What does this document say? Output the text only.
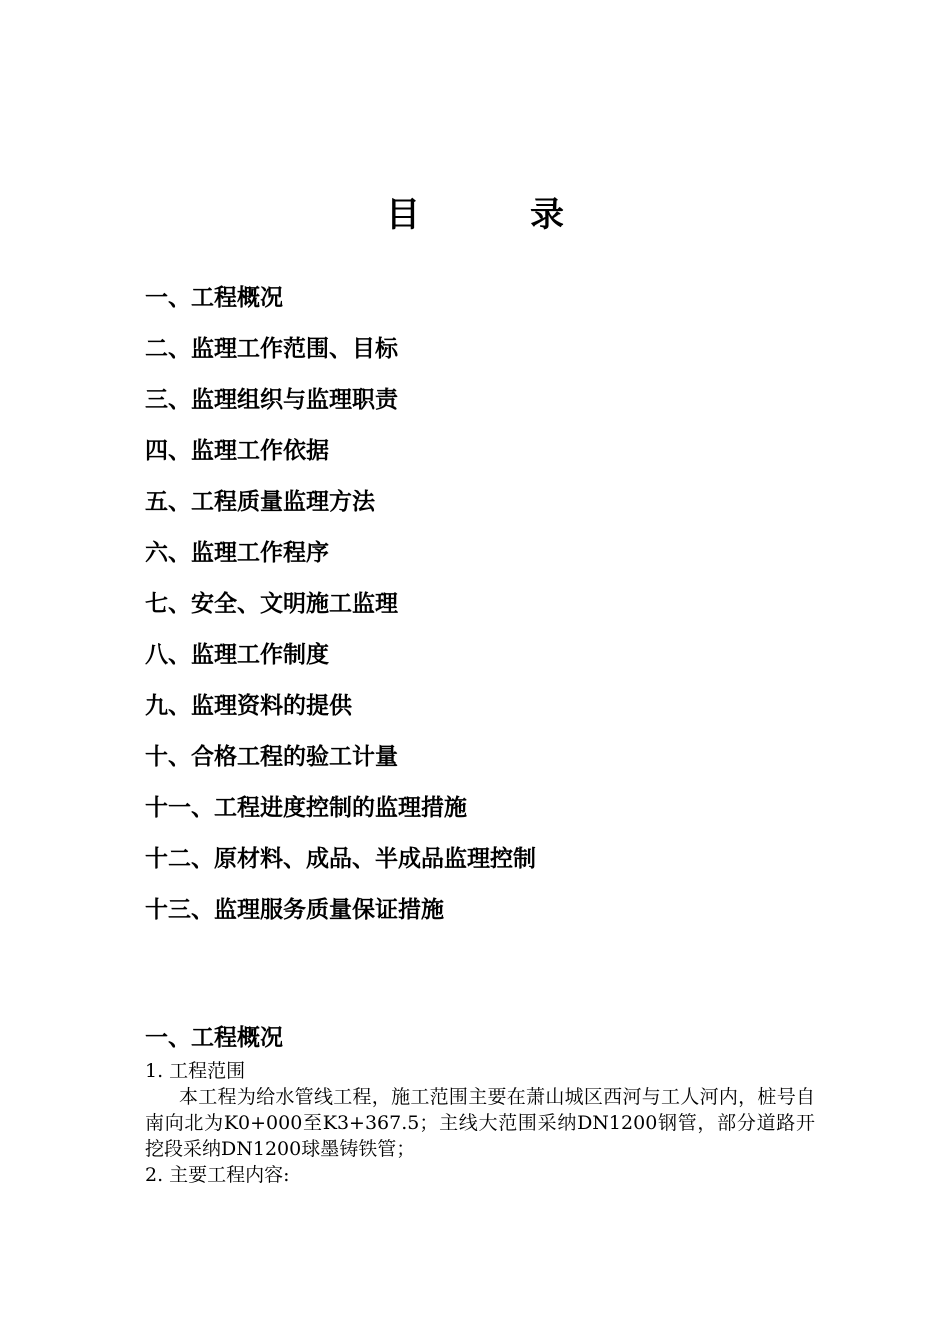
目录
一、工程概况
二、监理工作范围、目标
三、监理组织与监理职责
四、监理工作依据
五、工程质量监理方法
六、监理工作程序
七、安全、文明施工监理
八、监理工作制度
九、监理资料的提供
十、合格工程的验工计量
十一、工程进度控制的监理措施
十二、原材料、成品、半成品监理控制
十三、监理服务质量保证措施
一、工程概况

1. 工程范围

本工程为给水管线工程，施工范围主要在萧山城区西河与工人河内，桩号自南向北为K0+000至K3+367.5；主线大范围采纳DN1200钢管，部分道路开挖段采纳DN1200球墨铸铁管；

2. 主要工程内容:
